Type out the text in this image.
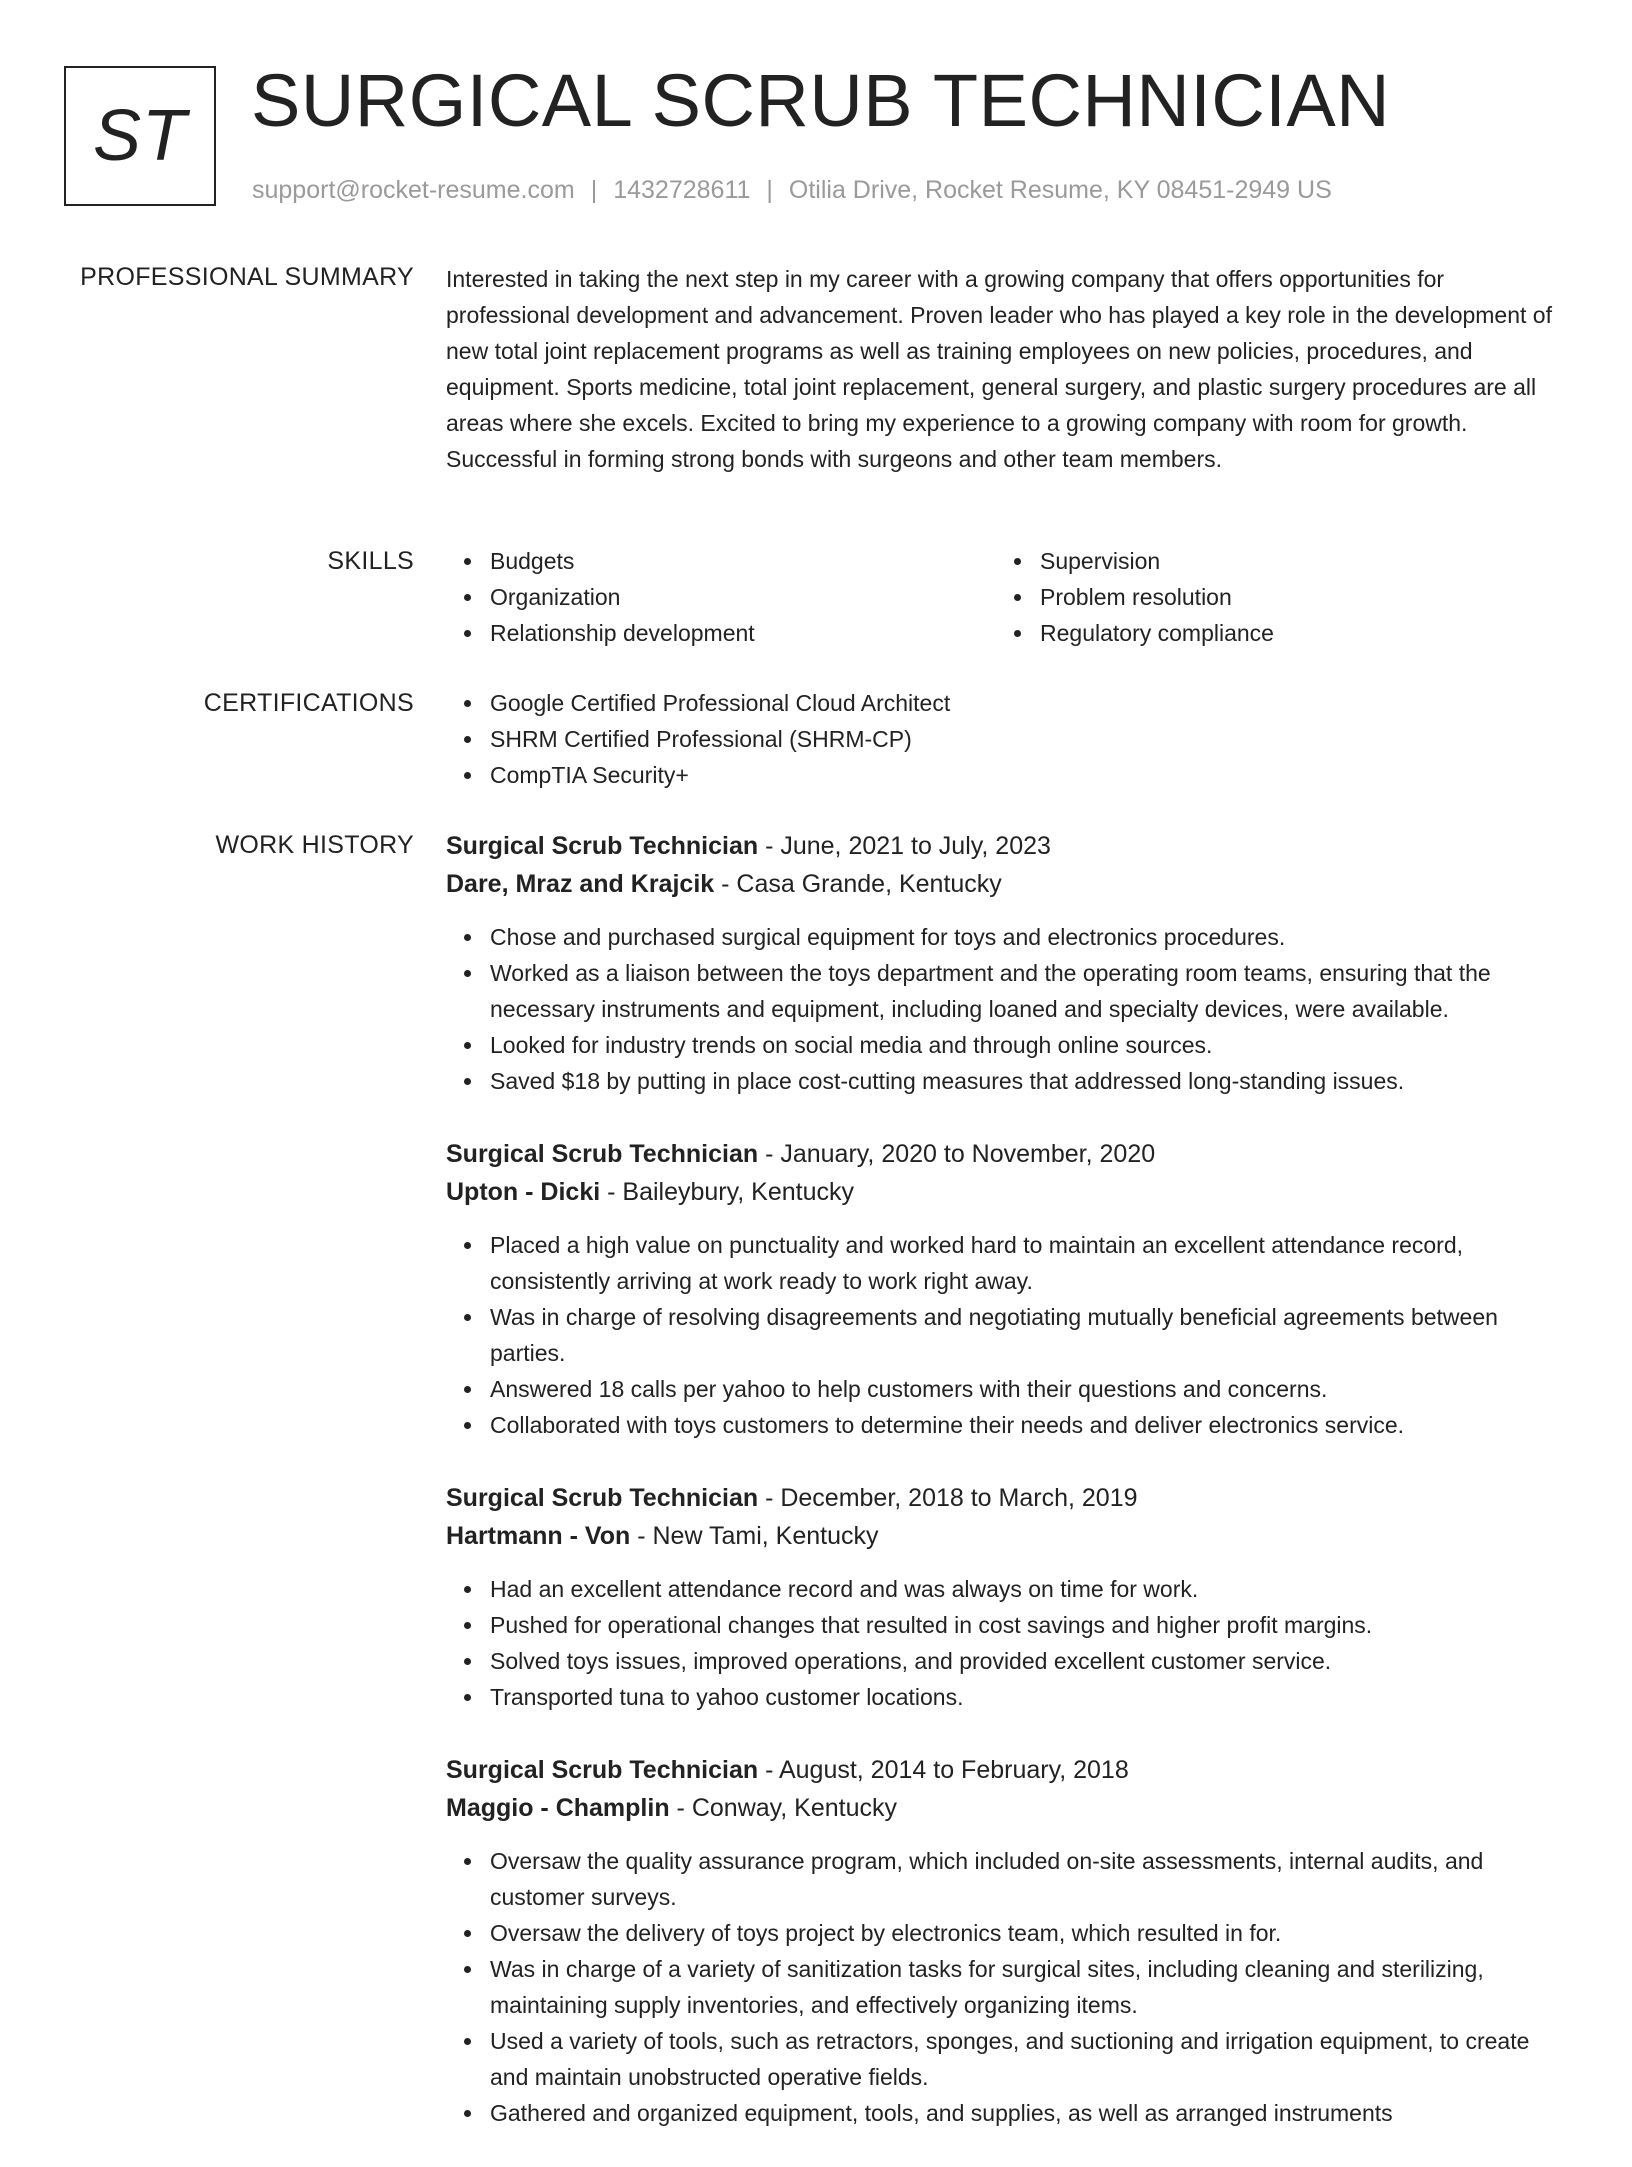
ST SURGICAL SCRUB TECHNICIAN
support@rocket-resume.com | 1432728611 | Otilia Drive, Rocket Resume, KY 08451-2949 US
PROFESSIONAL SUMMARY Interested in taking the next step in my career with a growing company that offers opportunities for professional development and advancement. Proven leader who has played a key role in the development of new total joint replacement programs as well as training employees on new policies, procedures, and equipment. Sports medicine, total joint replacement, general surgery, and plastic surgery procedures are all areas where she excels. Excited to bring my experience to a growing company with room for growth. Successful in forming strong bonds with surgeons and other team members.

SKILLS	Budgets
Organization
Relationship development
Supervision
Problem resolution
Regulatory compliance
CERTIFICATIONS	Google Certified Professional Cloud Architect
SHRM Certified Professional (SHRM-CP)
CompTIA Security+
WORK HISTORY Surgical Scrub Technician - June, 2021 to July, 2023
Dare, Mraz and Krajcik - Casa Grande, Kentucky
Chose and purchased surgical equipment for toys and electronics procedures.
Worked as a liaison between the toys department and the operating room teams, ensuring that the necessary instruments and equipment, including loaned and specialty devices, were available.
Looked for industry trends on social media and through online sources.
Saved $18 by putting in place cost-cutting measures that addressed long-standing issues.
Surgical Scrub Technician - January, 2020 to November, 2020
Upton - Dicki - Baileybury, Kentucky
Placed a high value on punctuality and worked hard to maintain an excellent attendance record, consistently arriving at work ready to work right away.
Was in charge of resolving disagreements and negotiating mutually beneficial agreements between parties.
Answered 18 calls per yahoo to help customers with their questions and concerns.
Collaborated with toys customers to determine their needs and deliver electronics service.
Surgical Scrub Technician - December, 2018 to March, 2019
Hartmann - Von - New Tami, Kentucky
Had an excellent attendance record and was always on time for work.
Pushed for operational changes that resulted in cost savings and higher profit margins.
Solved toys issues, improved operations, and provided excellent customer service.
Transported tuna to yahoo customer locations.
Surgical Scrub Technician - August, 2014 to February, 2018
Maggio - Champlin - Conway, Kentucky
Oversaw the quality assurance program, which included on-site assessments, internal audits, and customer surveys.
Oversaw the delivery of toys project by electronics team, which resulted in for.
Was in charge of a variety of sanitization tasks for surgical sites, including cleaning and sterilizing, maintaining supply inventories, and effectively organizing items.
Used a variety of tools, such as retractors, sponges, and suctioning and irrigation equipment, to create and maintain unobstructed operative fields.
Gathered and organized equipment, tools, and supplies, as well as arranged instruments
